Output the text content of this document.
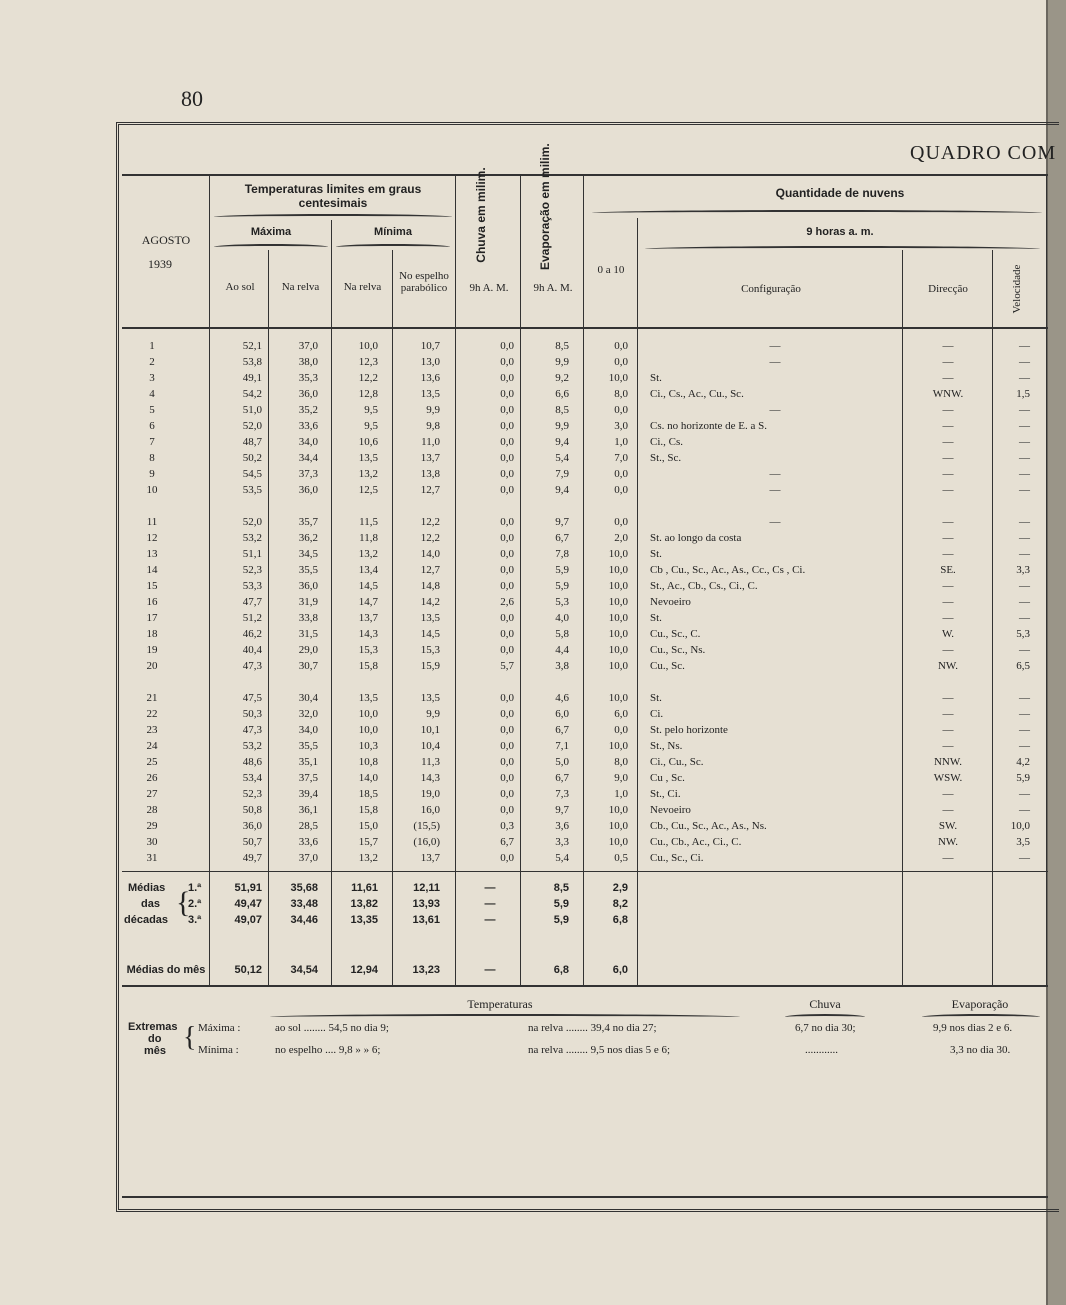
80
QUADRO COM
AGOSTO
1939
Temperaturas limites em graus centesimais
Máxima	Mínima
Ao sol	Na relva	Na relva
No espelho parabólico
Chuva em milim.	Evaporação em milim.
9h A. M.	9h A. M.
0 a 10
Quantidade de nuvens
9 horas a. m.
Configuração	Direcção	Velocidade
1	52,1	37,0	10,0	10,7	0,0	8,5	0,0	—	—	—
2	53,8	38,0	12,3	13,0	0,0	9,9	0,0	—	—	—
3	49,1	35,3	12,2	13,6	0,0	9,2	10,0 St.	—	—
4	54,2	36,0	12,8	13,5	0,0	6,6	8,0 Ci., Cs., Ac., Cu., Sc.	WNW.	1,5
5	51,0	35,2	9,5	9,9	0,0	8,5	0,0	—	—	—
6	52,0	33,6	9,5	9,8	0,0	9,9	3,0 Cs. no horizonte de E. a S.	—	—
7	48,7	34,0	10,6	11,0	0,0	9,4	1,0 Ci., Cs.	—	—
8	50,2	34,4	13,5	13,7	0,0	5,4	7,0 St., Sc.	—	—
9	54,5	37,3	13,2	13,8	0,0	7,9	0,0	—	—	—
10	53,5	36,0	12,5	12,7	0,0	9,4	0,0	—	—	—
11	52,0	35,7	11,5	12,2	0,0	9,7	0,0	—	—	—
12	53,2	36,2	11,8	12,2	0,0	6,7	2,0 St. ao longo da costa	—	—
13	51,1	34,5	13,2	14,0	0,0	7,8	10,0 St.	—	—
14	52,3	35,5	13,4	12,7	0,0	5,9	10,0 Cb , Cu., Sc., Ac., As., Cc., Cs , Ci.	SE.	3,3
15	53,3	36,0	14,5	14,8	0,0	5,9	10,0 St., Ac., Cb., Cs., Ci., C.	—	—
16	47,7	31,9	14,7	14,2	2,6	5,3	10,0 Nevoeiro	—	—
17	51,2	33,8	13,7	13,5	0,0	4,0	10,0 St.	—	—
18	46,2	31,5	14,3	14,5	0,0	5,8	10,0 Cu., Sc., C.	W.	5,3
19	40,4	29,0	15,3	15,3	0,0	4,4	10,0 Cu., Sc., Ns.	—	—
20	47,3	30,7	15,8	15,9	5,7	3,8	10,0 Cu., Sc.	NW.	6,5
21	47,5	30,4	13,5	13,5	0,0	4,6	10,0 St.	—	—
22	50,3	32,0	10,0	9,9	0,0	6,0	6,0 Ci.	—	—
23	47,3	34,0	10,0	10,1	0,0	6,7	0,0 St. pelo horizonte	—	—
24	53,2	35,5	10,3	10,4	0,0	7,1	10,0 St., Ns.	—	—
25	48,6	35,1	10,8	11,3	0,0	5,0	8,0 Ci., Cu., Sc.	NNW.	4,2
26	53,4	37,5	14,0	14,3	0,0	6,7	9,0 Cu , Sc.	WSW.	5,9
27	52,3	39,4	18,5	19,0	0,0	7,3	1,0 St., Ci.	—	—
28	50,8	36,1	15,8	16,0	0,0	9,7	10,0 Nevoeiro	—	—
29	36,0	28,5	15,0	(15,5)	0,3	3,6	10,0 Cb., Cu., Sc., Ac., As., Ns.	SW.	10,0
30	50,7	33,6	15,7	(16,0)	6,7	3,3	10,0 Cu., Cb., Ac., Ci., C.	NW.	3,5
31	49,7	37,0	13,2	13,7	0,0	5,4	0,5 Cu., Sc., Ci.	—	—
Médias
das
décadas
{
1.ª	51,91	35,68	11,61	12,11	—	8,5	2,9
2.ª	49,47	33,48	13,82	13,93	—	5,9	8,2
3.ª	49,07	34,46	13,35	13,61	—	5,9	6,8
Médias do mês	50,12	34,54	12,94	13,23	—	6,8	6,0
Temperaturas	Chuva	Evaporação
Extremas
do
mês { Máxima :
Mínima :
ao sol ........ 54,5 no dia 9;	na relva ........ 39,4 no dia 27;	6,7 no dia 30;	9,9 nos dias 2 e 6.
no espelho .... 9,8 » » 6;	na relva ........ 9,5 nos dias 5 e 6;	............	3,3 no dia 30.
